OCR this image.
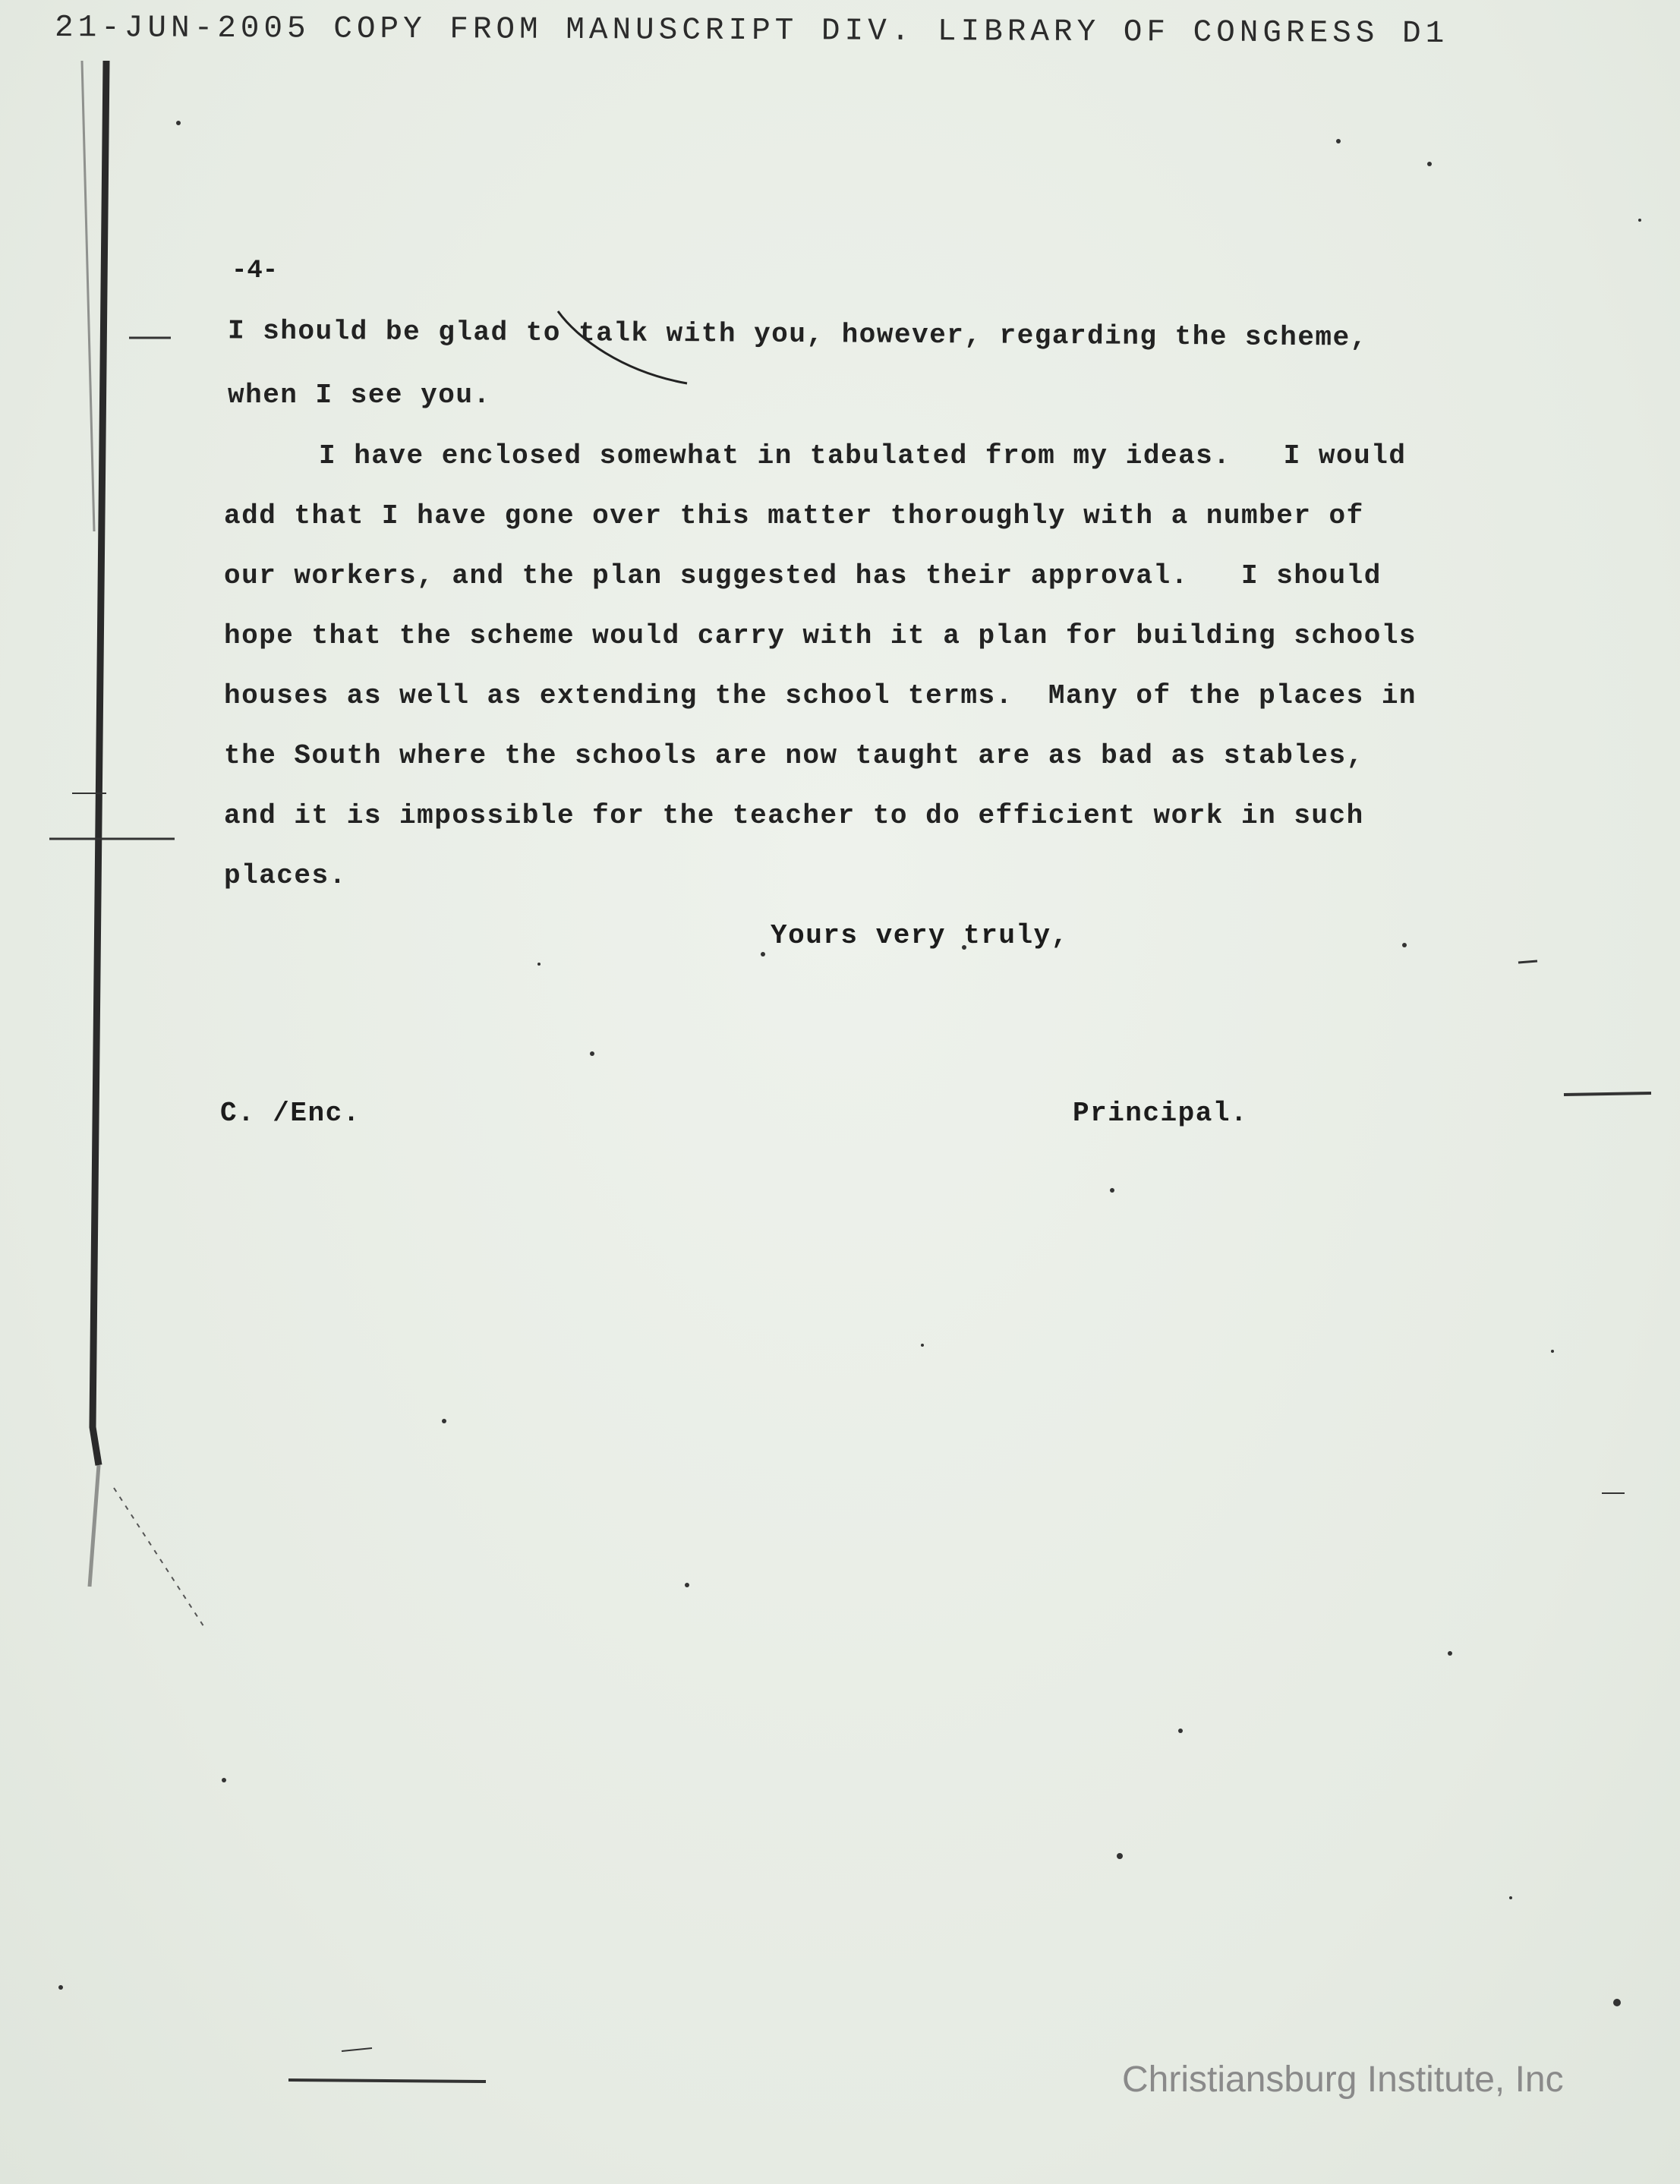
21-JUN-2005 COPY FROM MANUSCRIPT DIV. LIBRARY OF CONGRESS D1
-4-
I should be glad to talk with you, however, regarding the scheme,
when I see you.
I have enclosed somewhat in tabulated from my ideas.   I would
add that I have gone over this matter thoroughly with a number of
our workers, and the plan suggested has their approval.   I should
hope that the scheme would carry with it a plan for building schools
houses as well as extending the school terms.  Many of the places in
the South where the schools are now taught are as bad as stables,
and it is impossible for the teacher to do efficient work in such
places.
Yours very truly,
C. /Enc.	Principal.
Christiansburg Institute, Inc
